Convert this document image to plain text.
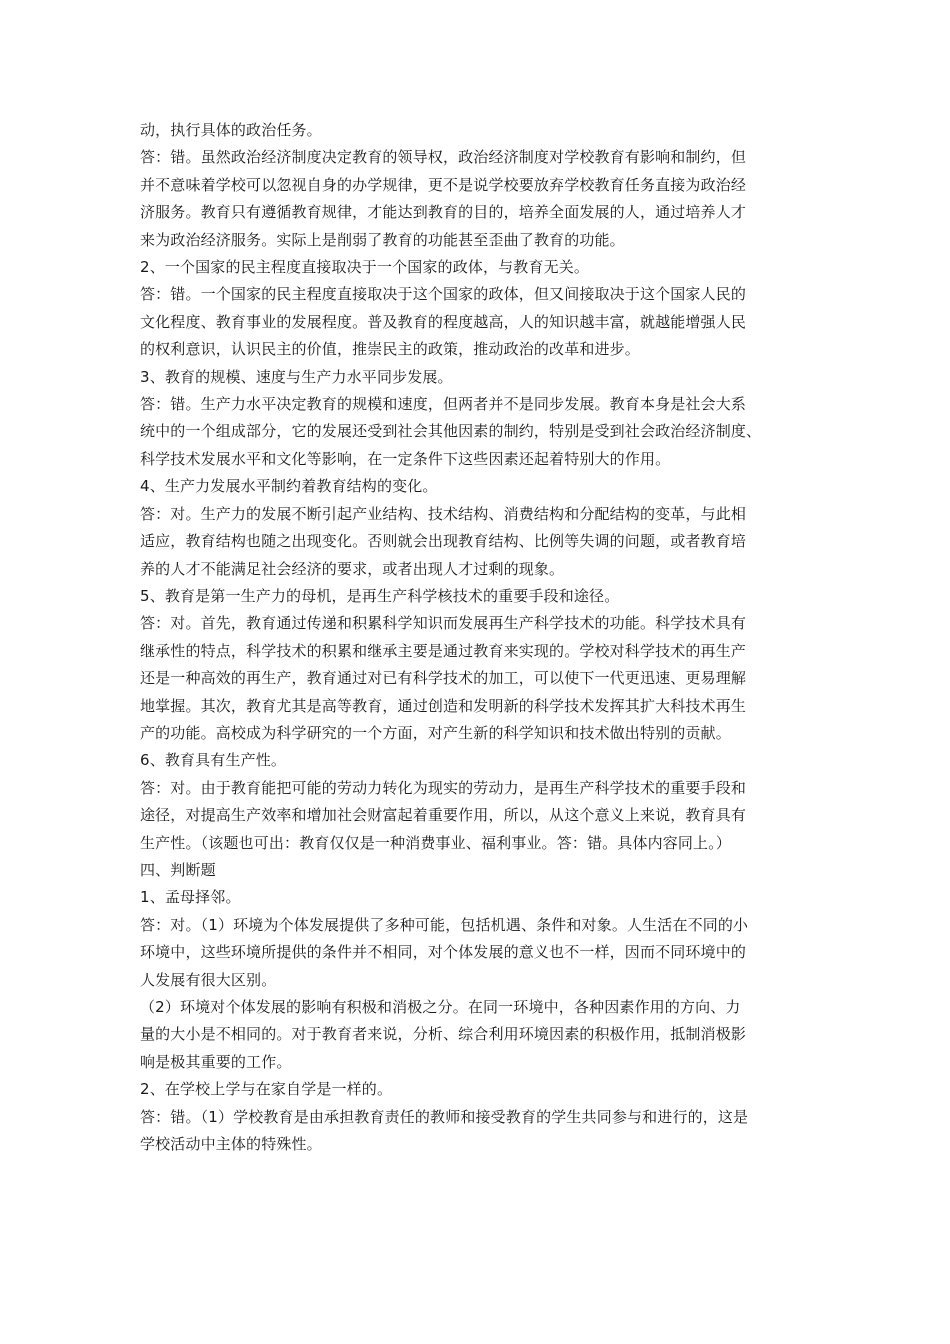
动，执行具体的政治任务。
答：错。虽然政治经济制度决定教育的领导权，政治经济制度对学校教育有影响和制约，但
并不意味着学校可以忽视自身的办学规律，更不是说学校要放弃学校教育任务直接为政治经
济服务。教育只有遵循教育规律，才能达到教育的目的，培养全面发展的人，通过培养人才
来为政治经济服务。实际上是削弱了教育的功能甚至歪曲了教育的功能。
2、一个国家的民主程度直接取决于一个国家的政体，与教育无关。
答：错。一个国家的民主程度直接取决于这个国家的政体，但又间接取决于这个国家人民的
文化程度、教育事业的发展程度。普及教育的程度越高，人的知识越丰富，就越能增强人民
的权利意识，认识民主的价值，推崇民主的政策，推动政治的改革和进步。
3、教育的规模、速度与生产力水平同步发展。
答：错。生产力水平决定教育的规模和速度，但两者并不是同步发展。教育本身是社会大系
统中的一个组成部分，它的发展还受到社会其他因素的制约，特别是受到社会政治经济制度、
科学技术发展水平和文化等影响，在一定条件下这些因素还起着特别大的作用。
4、生产力发展水平制约着教育结构的变化。
答：对。生产力的发展不断引起产业结构、技术结构、消费结构和分配结构的变革，与此相
适应，教育结构也随之出现变化。否则就会出现教育结构、比例等失调的问题，或者教育培
养的人才不能满足社会经济的要求，或者出现人才过剩的现象。
5、教育是第一生产力的母机，是再生产科学核技术的重要手段和途径。
答：对。首先，教育通过传递和积累科学知识而发展再生产科学技术的功能。科学技术具有
继承性的特点，科学技术的积累和继承主要是通过教育来实现的。学校对科学技术的再生产
还是一种高效的再生产，教育通过对已有科学技术的加工，可以使下一代更迅速、更易理解
地掌握。其次，教育尤其是高等教育，通过创造和发明新的科学技术发挥其扩大科技术再生
产的功能。高校成为科学研究的一个方面，对产生新的科学知识和技术做出特别的贡献。
6、教育具有生产性。
答：对。由于教育能把可能的劳动力转化为现实的劳动力，是再生产科学技术的重要手段和
途径，对提高生产效率和增加社会财富起着重要作用，所以，从这个意义上来说，教育具有
生产性。（该题也可出：教育仅仅是一种消费事业、福利事业。答：错。具体内容同上。）
四、判断题
1、孟母择邻。
答：对。（1）环境为个体发展提供了多种可能，包括机遇、条件和对象。人生活在不同的小
环境中，这些环境所提供的条件并不相同，对个体发展的意义也不一样，因而不同环境中的
人发展有很大区别。
（2）环境对个体发展的影响有积极和消极之分。在同一环境中，各种因素作用的方向、力
量的大小是不相同的。对于教育者来说，分析、综合利用环境因素的积极作用，抵制消极影
响是极其重要的工作。
2、在学校上学与在家自学是一样的。
答：错。（1）学校教育是由承担教育责任的教师和接受教育的学生共同参与和进行的，这是
学校活动中主体的特殊性。
